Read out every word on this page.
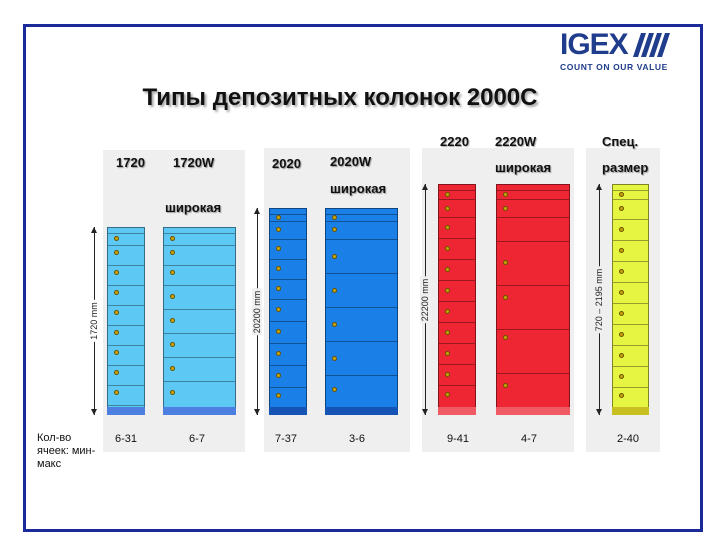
IGEX
COUNT ON OUR VALUE
Типы депозитных колонок 2000С
1720 1720W
широкая
2020 2020W
широкая
2220 2220W
широкая
Спец.
размер
1720 mm	20200 mm	22200 mm	720 – 2195 mm
Кол-во ячеек: мин-макс
6-31	6-7	7-37	3-6	9-41	4-7	2-40
